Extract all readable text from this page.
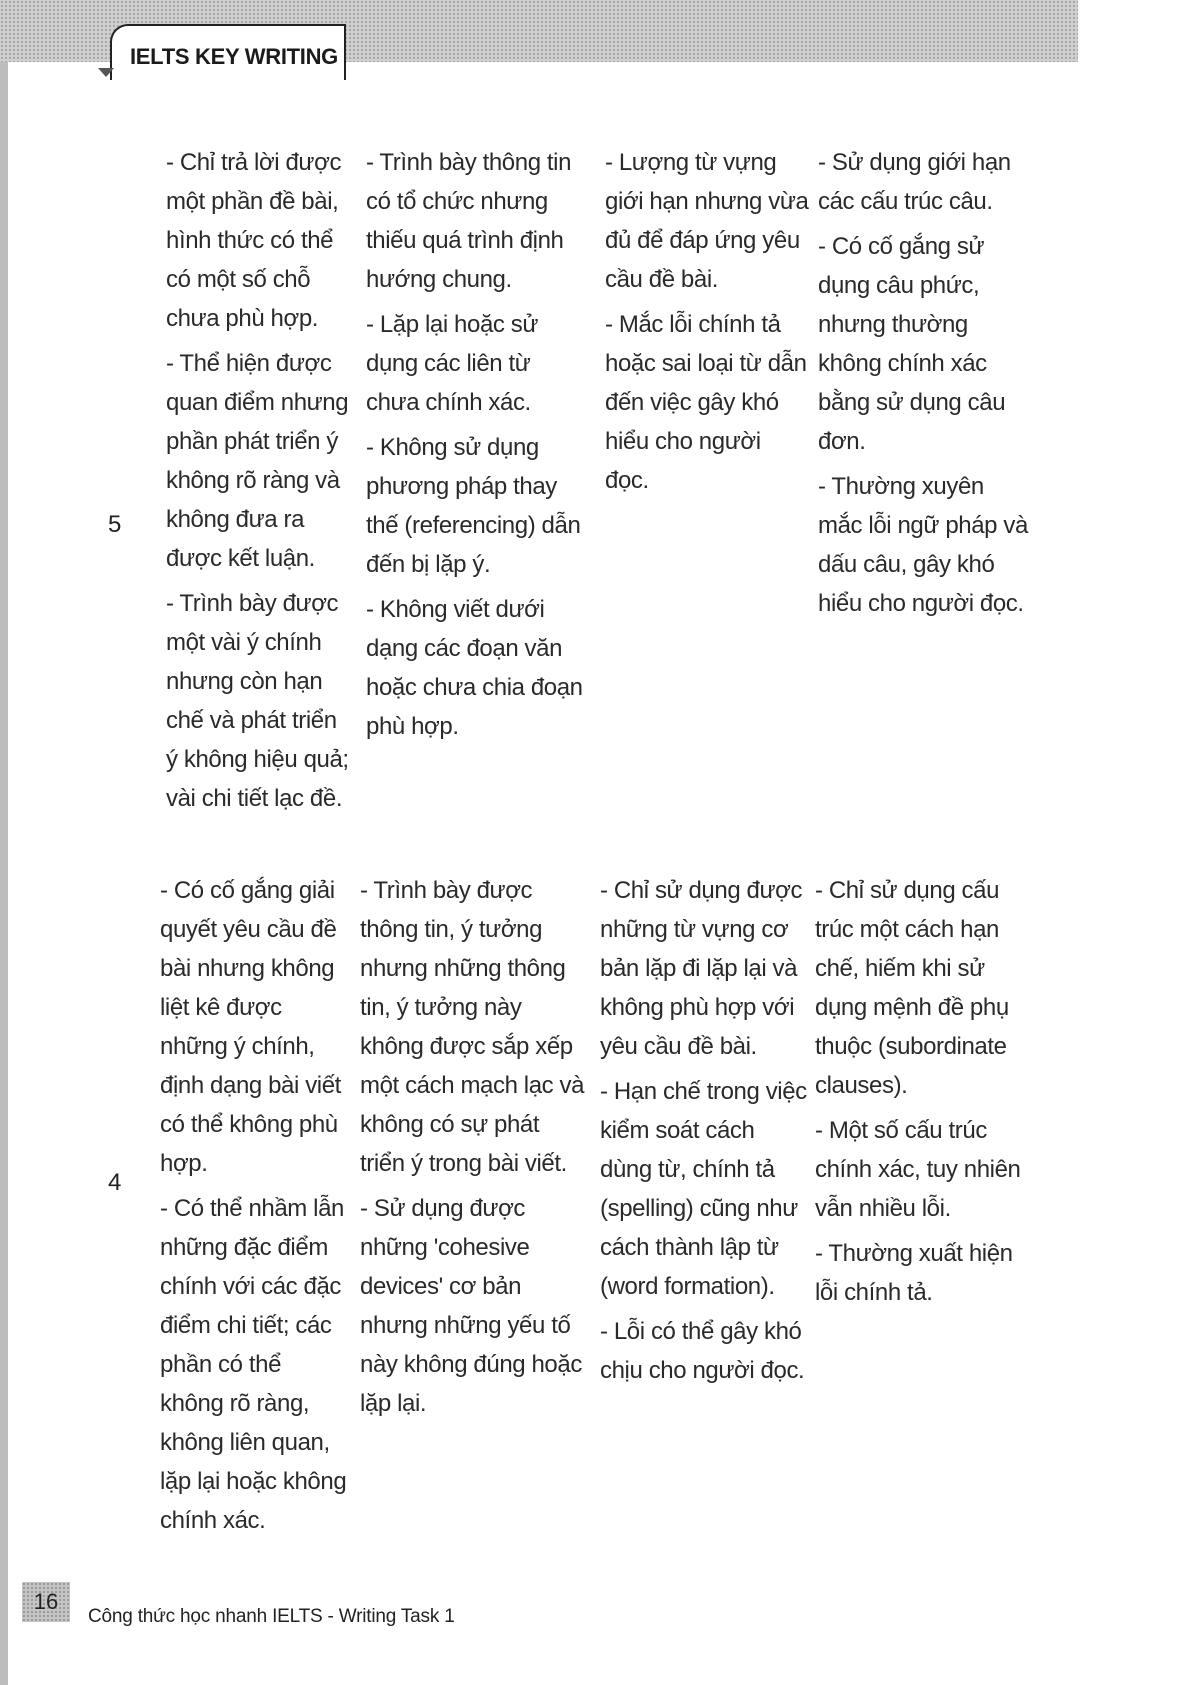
IELTS KEY WRITING
5

- Chỉ trả lời được một phần đề bài, hình thức có thể có một số chỗ chưa phù hợp.

- Thể hiện được quan điểm nhưng phần phát triển ý không rõ ràng và không đưa ra được kết luận.

- Trình bày được một vài ý chính nhưng còn hạn chế và phát triển ý không hiệu quả; vài chi tiết lạc đề.

- Trình bày thông tin có tổ chức nhưng thiếu quá trình định hướng chung.

- Lặp lại hoặc sử dụng các liên từ chưa chính xác.

- Không sử dụng phương pháp thay thế (referencing) dẫn đến bị lặp ý.

- Không viết dưới dạng các đoạn văn hoặc chưa chia đoạn phù hợp.

- Lượng từ vựng giới hạn nhưng vừa đủ để đáp ứng yêu cầu đề bài.

- Mắc lỗi chính tả hoặc sai loại từ dẫn đến việc gây khó hiểu cho người đọc.

- Sử dụng giới hạn các cấu trúc câu.

- Có cố gắng sử dụng câu phức, nhưng thường không chính xác bằng sử dụng câu đơn.

- Thường xuyên mắc lỗi ngữ pháp và dấu câu, gây khó hiểu cho người đọc.

4

- Có cố gắng giải quyết yêu cầu đề bài nhưng không liệt kê được những ý chính, định dạng bài viết có thể không phù hợp.

- Có thể nhầm lẫn những đặc điểm chính với các đặc điểm chi tiết; các phần có thể không rõ ràng, không liên quan, lặp lại hoặc không chính xác.

- Trình bày được thông tin, ý tưởng nhưng những thông tin, ý tưởng này không được sắp xếp một cách mạch lạc và không có sự phát triển ý trong bài viết.

- Sử dụng được những 'cohesive devices' cơ bản nhưng những yếu tố này không đúng hoặc lặp lại.

- Chỉ sử dụng được những từ vựng cơ bản lặp đi lặp lại và không phù hợp với yêu cầu đề bài.

- Hạn chế trong việc kiểm soát cách dùng từ, chính tả (spelling) cũng như cách thành lập từ (word formation).

- Lỗi có thể gây khó chịu cho người đọc.

- Chỉ sử dụng cấu trúc một cách hạn chế, hiếm khi sử dụng mệnh đề phụ thuộc (subordinate clauses).

- Một số cấu trúc chính xác, tuy nhiên vẫn nhiều lỗi.

- Thường xuất hiện lỗi chính tả.

16
Công thức học nhanh IELTS - Writing Task 1
